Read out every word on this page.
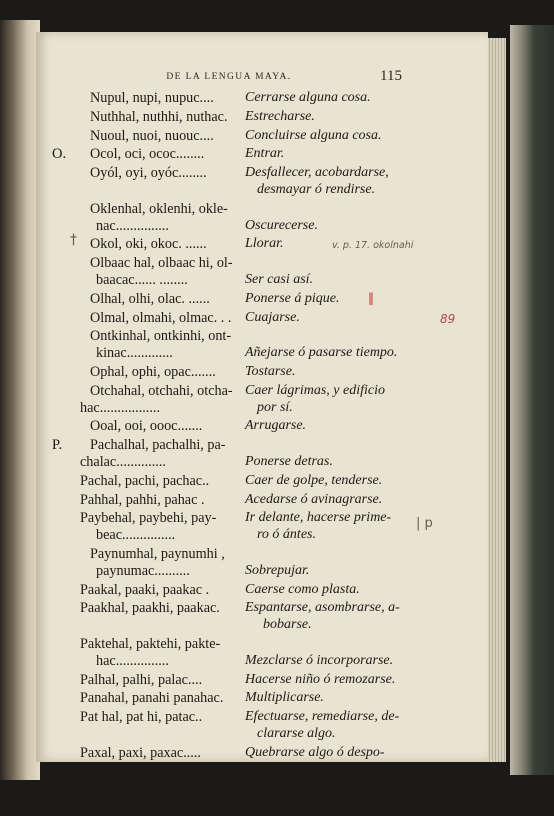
DE LA LENGUA MAYA.	115
Nupul, nupi, nupuc....	Cerrarse alguna cosa.
Nuthhal, nuthhi, nuthac.	Estrecharse.
Nuoul, nuoi, nuouc....	Concluirse alguna cosa.
O. Ocol, oci, ococ........	Entrar.
Oyól, oyi, oyóc........	Desfallecer, acobardarse,
desmayar ó rendirse.
Oklenhal, oklenhi, okle-
nac...............	Oscurecerse.
† Okol, oki, okoc. ......	Llorar.	v. p. 17. okolnahi
Olbaac hal, olbaac hi, ol-
baacac...... ........	Ser casi así.
Olhal, olhi, olac. ......	Ponerse á pique. ‖
Olmal, olmahi, olmac. . . Cuajarse.	89
Ontkinhal, ontkinhi, ont-
kinac.............	Añejarse ó pasarse tiempo.
Ophal, ophi, opac.......	Tostarse.
Otchahal, otchahi, otcha- Caer lágrimas, y edificio
hac.................	por sí.
Ooal, ooi, oooc.......	Arrugarse.
P. Pachalhal, pachalhi, pa-
chalac..............	Ponerse detras.
Pachal, pachi, pachac..	Caer de golpe, tenderse.
Pahhal, pahhi, pahac .	Acedarse ó avinagrarse.
Paybehal, paybehi, pay-	Ir delante, hacerse prime- | p
beac...............	ro ó ántes.
Paynumhal, paynumhi ,
paynumac..........	Sobrepujar.
Paakal, paaki, paakac .	Caerse como plasta.
Paakhal, paakhi, paakac.	Espantarse, asombrarse, a-
bobarse.
Paktehal, paktehi, pakte-
hac...............	Mezclarse ó incorporarse.
Palhal, palhi, palac....	Hacerse niño ó remozarse.
Panahal, panahi panahac.	Multiplicarse.
Pat hal, pat hi, patac..	Efectuarse, remediarse, de-
clararse algo.
Paxal, paxi, paxac.....	Quebrarse algo ó despo-
blarse.
Pempemhal, pememhi ,
pempemac..........	Ahitarse ó aventarse.
